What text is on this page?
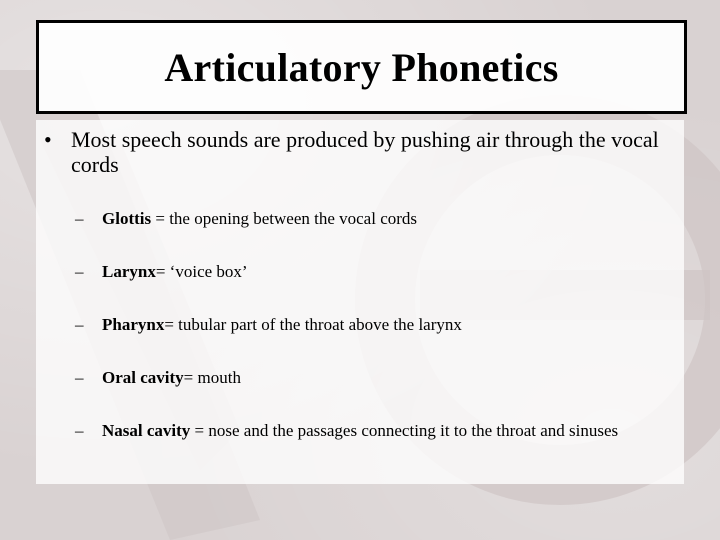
Articulatory Phonetics
• Most speech sounds are produced by pushing air through the vocal cords
–	Glottis = the opening between the vocal cords
–	Larynx= ‘voice box’
–	Pharynx= tubular part of the throat above the larynx
–	Oral cavity= mouth
–	Nasal cavity = nose and the passages connecting it to the throat and sinuses
